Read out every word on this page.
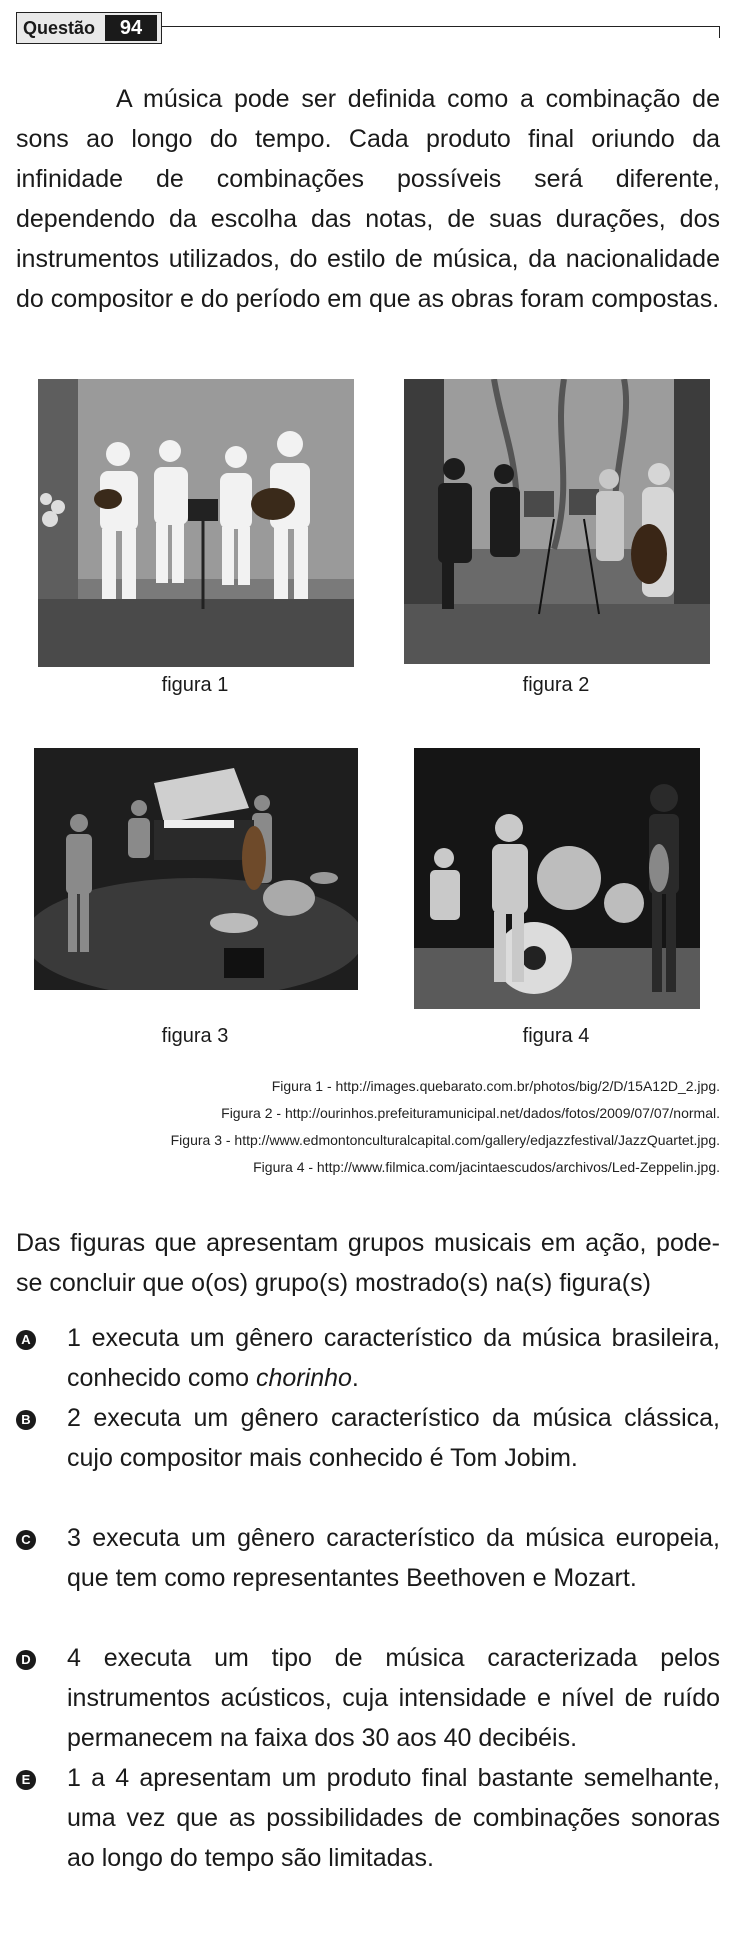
Questão	94

A música pode ser definida como a combinação de sons ao longo do tempo. Cada produto final oriundo da infinidade de combinações possíveis será diferente, dependendo da escolha das notas, de suas durações, dos instrumentos utilizados, do estilo de música, da nacionalidade do compositor e do período em que as obras foram compostas.

figura 1	figura 2
figura 3	figura 4
Figura 1 - http://images.quebarato.com.br/photos/big/2/D/15A12D_2.jpg.
Figura 2 - http://ourinhos.prefeituramunicipal.net/dados/fotos/2009/07/07/normal.
Figura 3 - http://www.edmontonculturalcapital.com/gallery/edjazzfestival/JazzQuartet.jpg.
Figura 4 - http://www.filmica.com/jacintaescudos/archivos/Led-Zeppelin.jpg.

Das figuras que apresentam grupos musicais em ação, pode-se concluir que o(os) grupo(s) mostrado(s) na(s) figura(s)

A 1 executa um gênero característico da música brasileira, conhecido como chorinho.
B 2 executa um gênero característico da música clássica, cujo compositor mais conhecido é Tom Jobim.
C 3 executa um gênero característico da música europeia, que tem como representantes Beethoven e Mozart.
D 4 executa um tipo de música caracterizada pelos instrumentos acústicos, cuja intensidade e nível de ruído permanecem na faixa dos 30 aos 40 decibéis.
E 1 a 4 apresentam um produto final bastante semelhante, uma vez que as possibilidades de combinações sonoras ao longo do tempo são limitadas.
